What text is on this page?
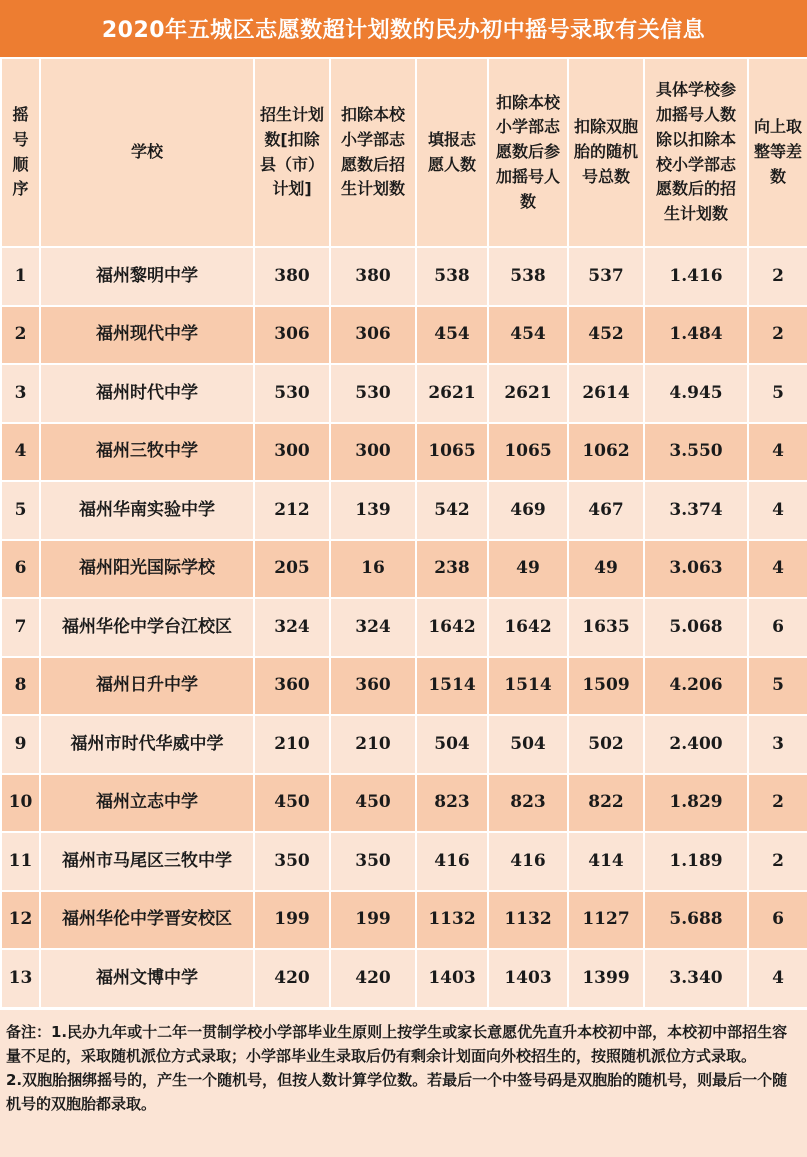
2020年五城区志愿数超计划数的民办初中摇号录取有关信息
摇号顺序	学校	招生计划数[扣除县（市）计划]	扣除本校小学部志愿数后招生计划数	填报志愿人数	扣除本校小学部志愿数后参加摇号人数	扣除双胞胎的随机号总数	具体学校参加摇号人数除以扣除本校小学部志愿数后的招生计划数	向上取整等差数
1	福州黎明中学	380	380	538	538	537	1.416	2
2	福州现代中学	306	306	454	454	452	1.484	2
3	福州时代中学	530	530	2621	2621	2614	4.945	5
4	福州三牧中学	300	300	1065	1065	1062	3.550	4
5	福州华南实验中学	212	139	542	469	467	3.374	4
6	福州阳光国际学校	205	16	238	49	49	3.063	4
7	福州华伦中学台江校区	324	324	1642	1642	1635	5.068	6
8	福州日升中学	360	360	1514	1514	1509	4.206	5
9	福州市时代华威中学	210	210	504	504	502	2.400	3
10	福州立志中学	450	450	823	823	822	1.829	2
11	福州市马尾区三牧中学	350	350	416	416	414	1.189	2
12	福州华伦中学晋安校区	199	199	1132	1132	1127	5.688	6
13	福州文博中学	420	420	1403	1403	1399	3.340	4

备注：1.民办九年或十二年一贯制学校小学部毕业生原则上按学生或家长意愿优先直升本校初中部，本校初中部招生容量不足的，采取随机派位方式录取；小学部毕业生录取后仍有剩余计划面向外校招生的，按照随机派位方式录取。

2.双胞胎捆绑摇号的，产生一个随机号，但按人数计算学位数。若最后一个中签号码是双胞胎的随机号，则最后一个随机号的双胞胎都录取。
